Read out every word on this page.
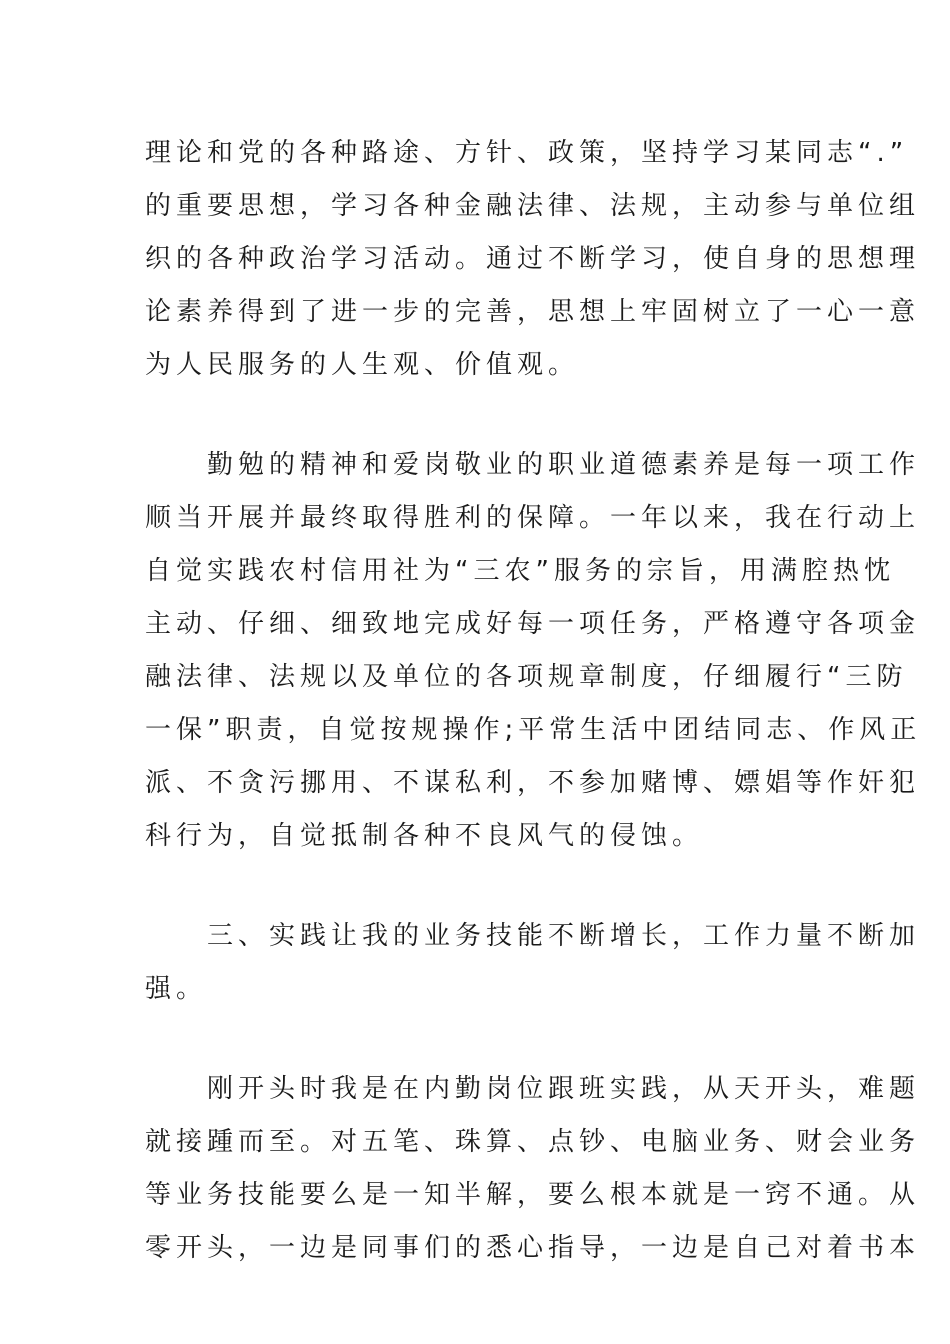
理论和党的各种路途、方针、政策，坚持学习某同志“.”
的重要思想，学习各种金融法律、法规，主动参与单位组
织的各种政治学习活动。通过不断学习，使自身的思想理
论素养得到了进一步的完善，思想上牢固树立了一心一意
为人民服务的人生观、价值观。
　　勤勉的精神和爱岗敬业的职业道德素养是每一项工作
顺当开展并最终取得胜利的保障。一年以来，我在行动上
自觉实践农村信用社为“三农”服务的宗旨，用满腔热忱
主动、仔细、细致地完成好每一项任务，严格遵守各项金
融法律、法规以及单位的各项规章制度，仔细履行“三防
一保”职责，自觉按规操作;平常生活中团结同志、作风正
派、不贪污挪用、不谋私利，不参加赌博、嫖娼等作奸犯
科行为，自觉抵制各种不良风气的侵蚀。
　　三、实践让我的业务技能不断增长，工作力量不断加
强。
　　刚开头时我是在内勤岗位跟班实践，从天开头，难题
就接踵而至。对五笔、珠算、点钞、电脑业务、财会业务
等业务技能要么是一知半解，要么根本就是一窍不通。从
零开头，一边是同事们的悉心指导，一边是自己对着书本
